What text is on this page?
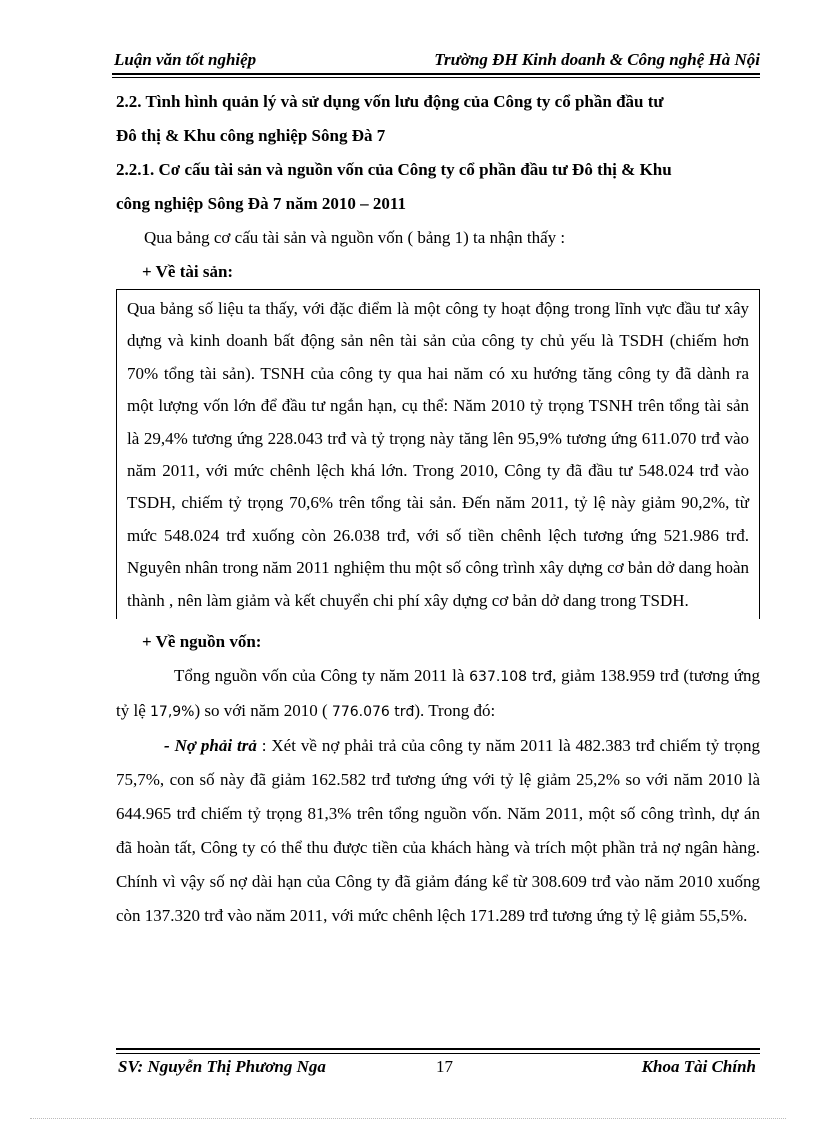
Luận văn tốt nghiệp	Trường ĐH Kinh doanh & Công nghệ Hà Nội

2.2. Tình hình quản lý và sử dụng vốn lưu động của Công ty cổ phần đầu tư

Đô thị & Khu công nghiệp Sông Đà 7

2.2.1. Cơ cấu tài sản và nguồn vốn của Công ty cổ phần đầu tư Đô thị & Khu

công nghiệp Sông Đà 7 năm 2010 – 2011

Qua bảng cơ cấu tài sản và nguồn vốn ( bảng 1) ta nhận thấy :

+ Về tài sản:

Qua bảng số liệu ta thấy, với đặc điểm là một công ty hoạt động trong lĩnh vực đầu tư xây dựng và kinh doanh bất động sản nên tài sản của công ty chủ yếu là TSDH (chiếm hơn 70% tổng tài sản). TSNH của công ty qua hai năm có xu hướng tăng công ty đã dành ra một lượng vốn lớn để đầu tư ngắn hạn, cụ thể: Năm 2010 tỷ trọng TSNH trên tổng tài sản là 29,4% tương ứng 228.043 trđ và tỷ trọng này tăng lên 95,9% tương ứng 611.070 trđ vào năm 2011, với mức chênh lệch khá lớn. Trong 2010, Công ty đã đầu tư 548.024 trđ vào TSDH, chiếm tỷ trọng 70,6% trên tổng tài sản. Đến năm 2011, tỷ lệ này giảm 90,2%, từ mức 548.024 trđ xuống còn 26.038 trđ, với số tiền chênh lệch tương ứng 521.986 trđ. Nguyên nhân trong năm 2011 nghiệm thu một số công trình xây dựng cơ bản dở dang hoàn thành , nên làm giảm và kết chuyển chi phí xây dựng cơ bản dở dang trong TSDH.

+ Về nguồn vốn:

Tổng nguồn vốn của Công ty năm 2011 là 637.108 trđ, giảm 138.959 trđ (tương ứng tỷ lệ 17,9%) so với năm 2010 ( 776.076 trđ). Trong đó:

- Nợ phải trả : Xét về nợ phải trả của công ty năm 2011 là 482.383 trđ chiếm tỷ trọng 75,7%, con số này đã giảm 162.582 trđ tương ứng với tỷ lệ giảm 25,2% so với năm 2010 là 644.965 trđ chiếm tỷ trọng 81,3% trên tổng nguồn vốn. Năm 2011, một số công trình, dự án đã hoàn tất, Công ty có thể thu được tiền của khách hàng và trích một phần trả nợ ngân hàng. Chính vì vậy số nợ dài hạn của Công ty đã giảm đáng kể từ 308.609 trđ vào năm 2010 xuống còn 137.320 trđ vào năm 2011, với mức chênh lệch 171.289 trđ tương ứng tỷ lệ giảm 55,5%.

SV: Nguyễn Thị Phương Nga	17	Khoa Tài Chính
